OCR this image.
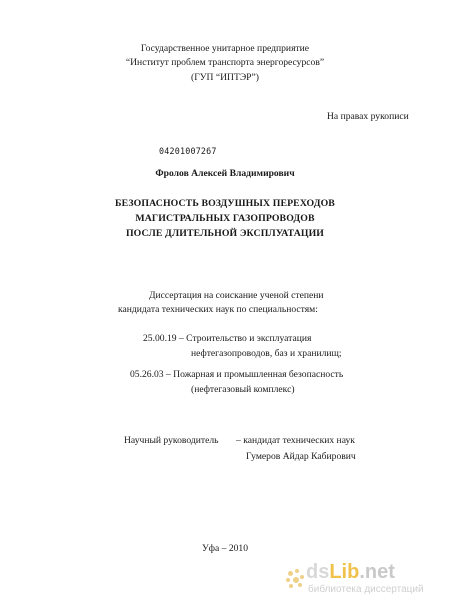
Государственное унитарное предприятие
“Институт проблем транспорта энергоресурсов”
(ГУП “ИПТЭР”)
На правах рукописи
04201007267
Фролов Алексей Владимирович
БЕЗОПАСНОСТЬ ВОЗДУШНЫХ ПЕРЕХОДОВ
МАГИСТРАЛЬНЫХ ГАЗОПРОВОДОВ
ПОСЛЕ ДЛИТЕЛЬНОЙ ЭКСПЛУАТАЦИИ
Диссертация на соискание ученой степени
кандидата технических наук по специальностям:
25.00.19 – Строительство и эксплуатация
нефтегазопроводов, баз и хранилищ;
05.26.03 – Пожарная и промышленная безопасность
(нефтегазовый комплекс)
Научный руководитель – кандидат технических наук
Гумеров Айдар Кабирович
Уфа – 2010
dsLib.net
библиотека диссертаций
